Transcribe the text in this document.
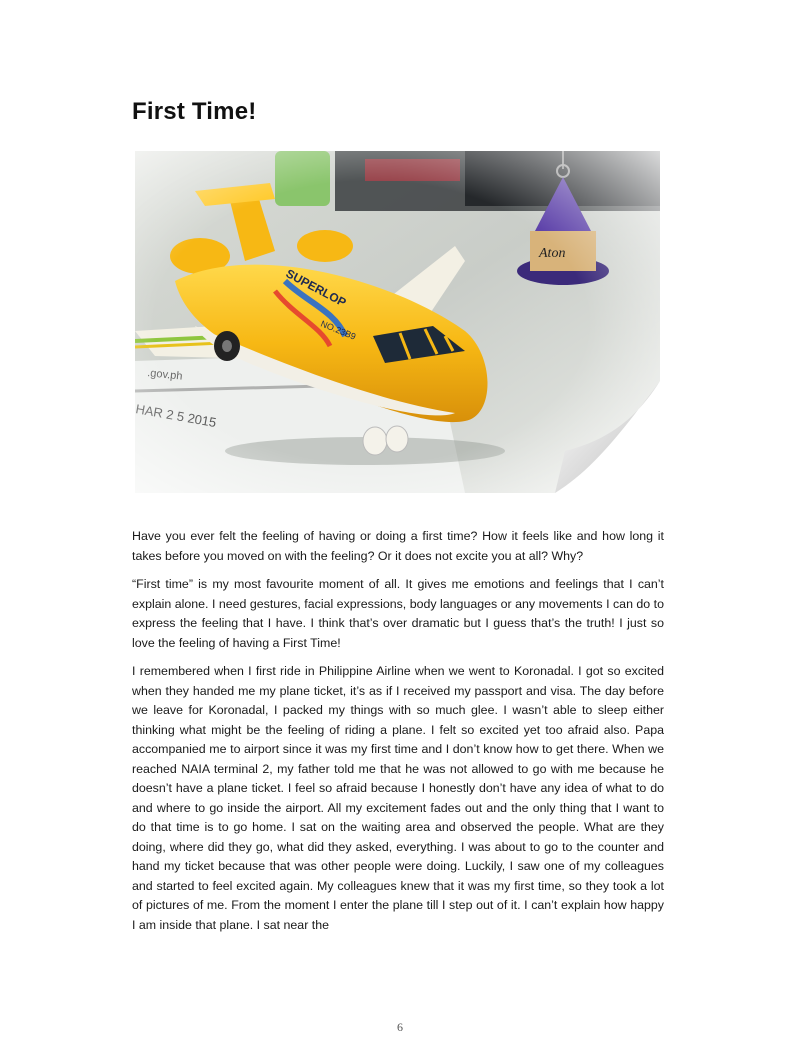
First Time!

Have you ever felt the feeling of having or doing a first time? How it feels like and how long it takes before you moved on with the feeling? Or it does not excite you at all? Why?

“First time” is my most favourite moment of all. It gives me emotions and feelings that I can’t explain alone. I need gestures, facial expressions, body languages or any movements I can do to express the feeling that I have. I think that’s over dramatic but I guess that’s the truth! I just so love the feeling of having a First Time!

I remembered when I first ride in Philippine Airline when we went to Koronadal. I got so excited when they handed me my plane ticket, it’s as if I received my passport and visa. The day before we leave for Koronadal, I packed my things with so much glee. I wasn’t able to sleep either thinking what might be the feeling of riding a plane. I felt so excited yet too afraid also. Papa accompanied me to airport since it was my first time and I don’t know how to get there. When we reached NAIA terminal 2, my father told me that he was not allowed to go with me because he doesn’t have a plane ticket. I feel so afraid because I honestly don’t have any idea of what to do and where to go inside the airport. All my excitement fades out and the only thing that I want to do that time is to go home. I sat on the waiting area and observed the people. What are they doing, where did they go, what did they asked, everything. I was about to go to the counter and hand my ticket because that was other people were doing. Luckily, I saw one of my colleagues and started to feel excited again. My colleagues knew that it was my first time, so they took a lot of pictures of me. From the moment I enter the plane till I step out of it. I can’t explain how happy I am inside that plane. I sat near the

6
